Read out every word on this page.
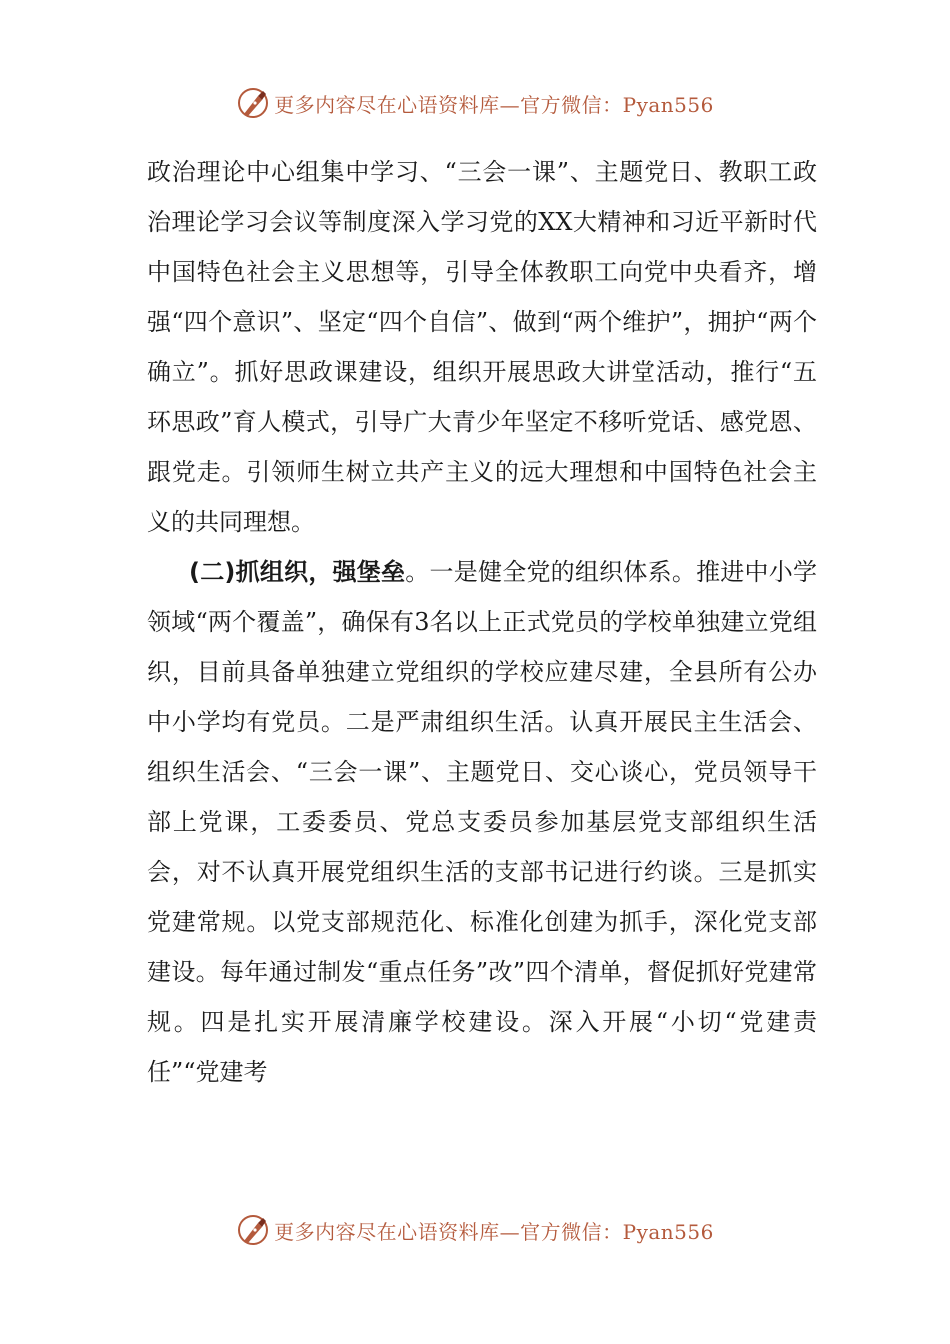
更多内容尽在心语资料库—官方微信：Pyan556

政治理论中心组集中学习、“三会一课”、主题党日、教职工政治理论学习会议等制度深入学习党的XX大精神和习近平新时代中国特色社会主义思想等，引导全体教职工向党中央看齐，增强“四个意识”、坚定“四个自信”、做到“两个维护”，拥护“两个确立”。抓好思政课建设，组织开展思政大讲堂活动，推行“五环思政”育人模式，引导广大青少年坚定不移听党话、感党恩、跟党走。引领师生树立共产主义的远大理想和中国特色社会主义的共同理想。

(二)抓组织，强堡垒。一是健全党的组织体系。推进中小学领域“两个覆盖”，确保有3名以上正式党员的学校单独建立党组织，目前具备单独建立党组织的学校应建尽建，全县所有公办中小学均有党员。二是严肃组织生活。认真开展民主生活会、组织生活会、“三会一课”、主题党日、交心谈心，党员领导干部上党课，工委委员、党总支委员参加基层党支部组织生活会，对不认真开展党组织生活的支部书记进行约谈。三是抓实党建常规。以党支部规范化、标准化创建为抓手，深化党支部建设。每年通过制发“重点任务”改”四个清单，督促抓好党建常规。四是扎实开展清廉学校建设。深入开展“小切“党建责任”“党建考

更多内容尽在心语资料库—官方微信：Pyan556
